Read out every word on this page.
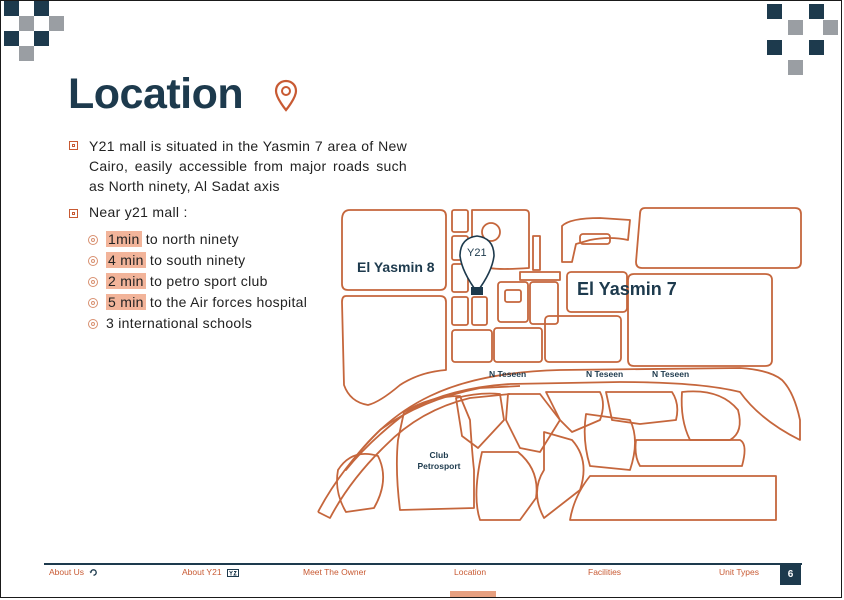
Location
Y21 mall is situated in the Yasmin 7 area of New Cairo, easily accessible from major roads such as North ninety, Al Sadat axis
Near y21 mall :
1min to north ninety
4 min to south ninety
2 min to petro sport club
5 min to the Air forces hospital
3 international schools
El Yasmin 8
El Yasmin 7
Y21
N Teseen	N Teseen	N Teseen
Club
Petrosport
About Us	About Y21	Meet The Owner	Location	Facilities	Unit Types	6
